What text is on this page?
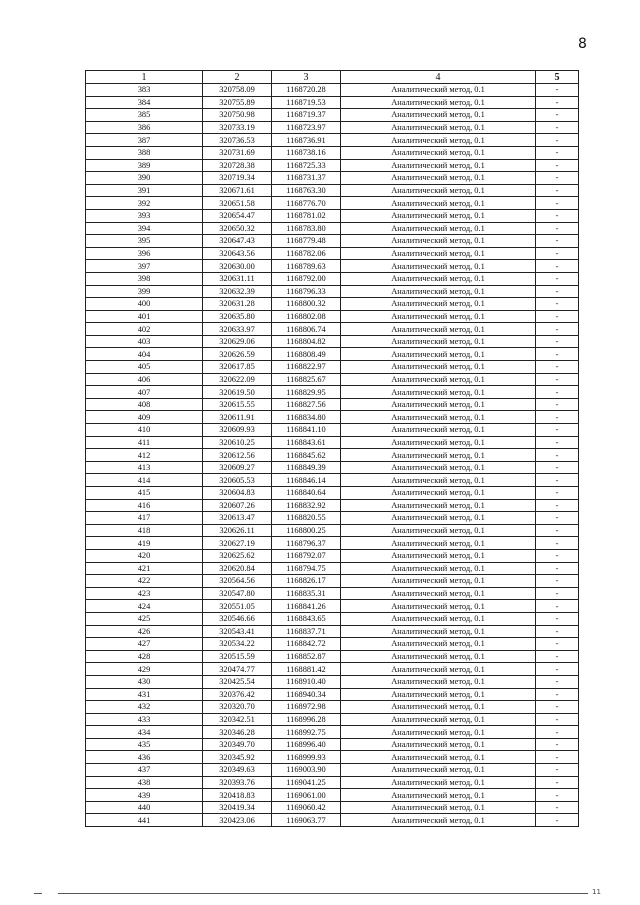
8
1	2	3	4	5
383	320758.09	1168720.28	Аналитический метод, 0.1	-
384	320755.89	1168719.53	Аналитический метод, 0.1	-
385	320750.98	1168719.37	Аналитический метод, 0.1	-
386	320733.19	1168723.97	Аналитический метод, 0.1	-
387	320736.53	1168736.91	Аналитический метод, 0.1	-
388	320731.69	1168738.16	Аналитический метод, 0.1	-
389	320728.38	1168725.33	Аналитический метод, 0.1	-
390	320719.34	1168731.37	Аналитический метод, 0.1	-
391	320671.61	1168763.30	Аналитический метод, 0.1	-
392	320651.58	1168776.70	Аналитический метод, 0.1	-
393	320654.47	1168781.02	Аналитический метод, 0.1	-
394	320650.32	1168783.80	Аналитический метод, 0.1	-
395	320647.43	1168779.48	Аналитический метод, 0.1	-
396	320643.56	1168782.06	Аналитический метод, 0.1	-
397	320630.00	1168789.63	Аналитический метод, 0.1	-
398	320631.11	1168792.00	Аналитический метод, 0.1	-
399	320632.39	1168796.33	Аналитический метод, 0.1	-
400	320631.28	1168800.32	Аналитический метод, 0.1	-
401	320635.80	1168802.08	Аналитический метод, 0.1	-
402	320633.97	1168806.74	Аналитический метод, 0.1	-
403	320629.06	1168804.82	Аналитический метод, 0.1	-
404	320626.59	1168808.49	Аналитический метод, 0.1	-
405	320617.85	1168822.97	Аналитический метод, 0.1	-
406	320622.09	1168825.67	Аналитический метод, 0.1	-
407	320619.50	1168829.95	Аналитический метод, 0.1	-
408	320615.55	1168827.56	Аналитический метод, 0.1	-
409	320611.91	1168834.80	Аналитический метод, 0.1	-
410	320609.93	1168841.10	Аналитический метод, 0.1	-
411	320610.25	1168843.61	Аналитический метод, 0.1	-
412	320612.56	1168845.62	Аналитический метод, 0.1	-
413	320609.27	1168849.39	Аналитический метод, 0.1	-
414	320605.53	1168846.14	Аналитический метод, 0.1	-
415	320604.83	1168840.64	Аналитический метод, 0.1	-
416	320607.26	1168832.92	Аналитический метод, 0.1	-
417	320613.47	1168820.55	Аналитический метод, 0.1	-
418	320626.11	1168800.25	Аналитический метод, 0.1	-
419	320627.19	1168796.37	Аналитический метод, 0.1	-
420	320625.62	1168792.07	Аналитический метод, 0.1	-
421	320620.84	1168794.75	Аналитический метод, 0.1	-
422	320564.56	1168826.17	Аналитический метод, 0.1	-
423	320547.80	1168835.31	Аналитический метод, 0.1	-
424	320551.05	1168841.26	Аналитический метод, 0.1	-
425	320546.66	1168843.65	Аналитический метод, 0.1	-
426	320543.41	1168837.71	Аналитический метод, 0.1	-
427	320534.22	1168842.72	Аналитический метод, 0.1	-
428	320515.59	1168852.87	Аналитический метод, 0.1	-
429	320474.77	1168881.42	Аналитический метод, 0.1	-
430	320425.54	1168910.40	Аналитический метод, 0.1	-
431	320376.42	1168940.34	Аналитический метод, 0.1	-
432	320320.70	1168972.98	Аналитический метод, 0.1	-
433	320342.51	1168996.28	Аналитический метод, 0.1	-
434	320346.28	1168992.75	Аналитический метод, 0.1	-
435	320349.70	1168996.40	Аналитический метод, 0.1	-
436	320345.92	1168999.93	Аналитический метод, 0.1	-
437	320349.63	1169003.90	Аналитический метод, 0.1	-
438	320393.76	1169041.25	Аналитический метод, 0.1	-
439	320418.83	1169061.00	Аналитический метод, 0.1	-
440	320419.34	1169060.42	Аналитический метод, 0.1	-
441	320423.06	1169063.77	Аналитический метод, 0.1	-
11
